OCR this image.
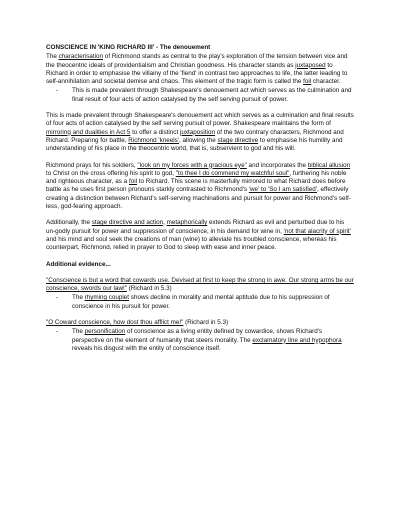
CONSCIENCE IN 'KING RICHARD III' - The denouement

The characterisation of Richmond stands as central to the play's exploration of the tension between vice and the theocentric ideals of providentialism and Christian goodness. His character stands as juxtaposed to Richard in order to emphasise the villainy of the 'fiend' in contrast two approaches to life, the latter leading to self-annihilation and societal demise and chaos. This element of the tragic form is called the foil character.

-	This is made prevalent through Shakespeare's denouement act which serves as the culmination and final result of four acts of action catalysed by the self serving pursuit of power.

This is made prevalent through Shakespeare's denouement act which serves as a culmination and final results of four acts of action catalysed by the self serving pursuit of power. Shakespeare maintains the form of mirroring and dualities in Act 5 to offer a distinct juxtaposition of the two contrary characters, Richmond and Richard. Preparing for battle, Richmond 'kneels', allowing the stage directive to emphasise his humility and understanding of his place in the theocentric world, that is, subservient to god and his will.

Richmond prays for his soldiers, "look on my forces with a gracious eye" and incorporates the biblical allusion to Christ on the cross offering his spirit to god, "to thee I do commend my watchful soul", furthering his noble and righteous character, as a foil to Richard. This scene is masterfully mirrored to what Richard does before battle as he uses first person pronouns starkly contrasted to Richmond's 'we' to 'So I am satisfied', effectively creating a distinction between Richard's self-serving machinations and pursuit for power and Richmond's self-less, god-fearing approach.

Additionally, the stage directive and action, metaphorically extends Richard as evil and perturbed due to his un-godly pursuit for power and suppression of conscience, in his demand for wine in, 'not that alacrity of spirit' and his mind and soul seek the creations of man (wine) to alleviate his troubled conscience, whereas his counterpart, Richmond, relied in prayer to God to sleep with ease and inner peace.

Additional evidence...

"Conscience is but a word that cowards use. Devised at first to keep the strong in awe. Our strong arms be our conscience, swords our law!" (Richard in 5.3)

-	The rhyming couplet shows decline in morality and mental aptitude due to his suppression of conscience in his pursuit for power.

"O Coward conscience, how dost thou afflict me!" (Richard in 5.3)

-	The personification of conscience as a living entity defined by cowardice, shows Richard's perspective on the element of humanity that steers morality. The exclamatory line and hypophora reveals his disgust with the entity of conscience itself.
